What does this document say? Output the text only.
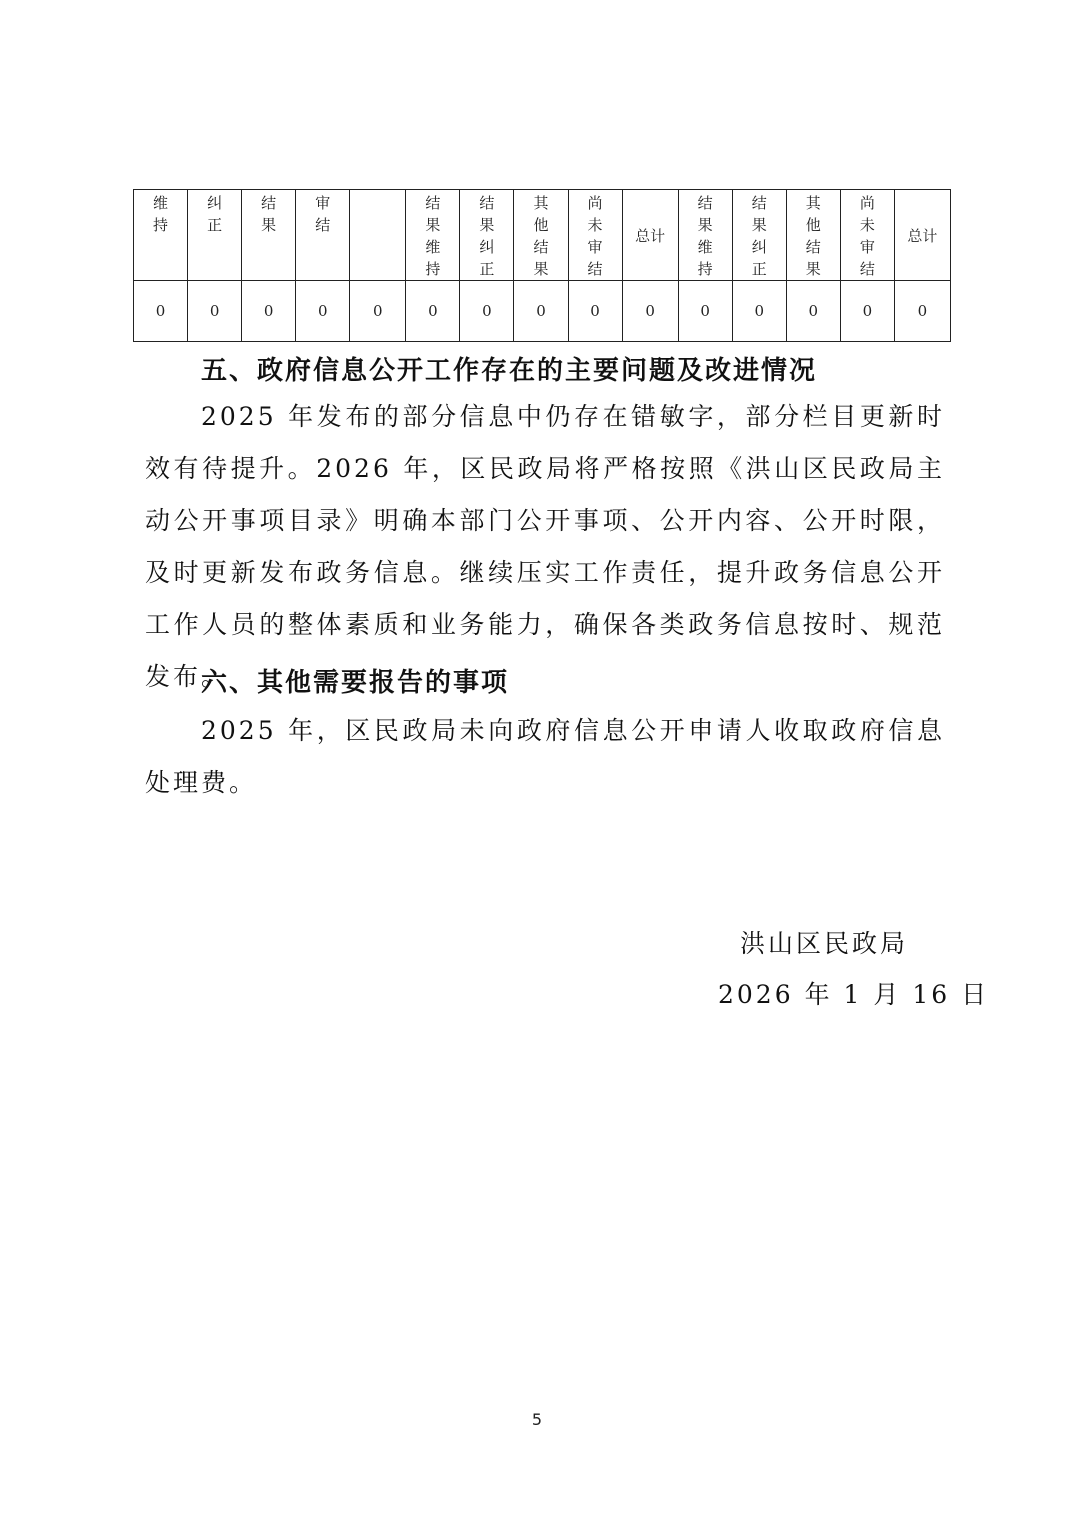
维持	纠正	结果	审结		结果维持	结果纠正	其他结果	尚未审结	总计	结果维持	结果纠正	其他结果	尚未审结	总计
0	0	0	0	0	0	0	0	0	0	0	0	0	0	0
五、政府信息公开工作存在的主要问题及改进情况
2025 年发布的部分信息中仍存在错敏字，部分栏目更新时效有待提升。2026 年，区民政局将严格按照《洪山区民政局主动公开事项目录》明确本部门公开事项、公开内容、公开时限，及时更新发布政务信息。继续压实工作责任，提升政务信息公开工作人员的整体素质和业务能力，确保各类政务信息按时、规范发布。
六、其他需要报告的事项
2025 年，区民政局未向政府信息公开申请人收取政府信息处理费。
洪山区民政局
2026 年 1 月 16 日
5
